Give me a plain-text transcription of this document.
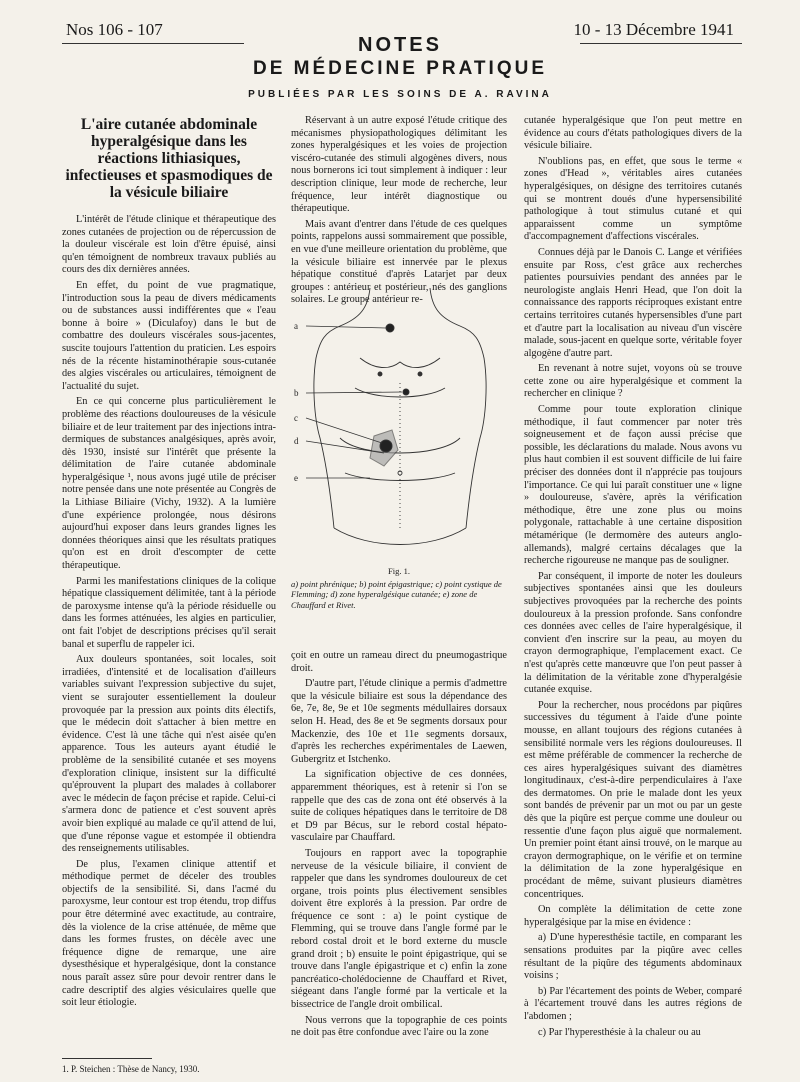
Nos 106 - 107	10 - 13 Décembre 1941
NOTES
DE MÉDECINE PRATIQUE
PUBLIÉES PAR LES SOINS DE A. RAVINA
L'aire cutanée abdominale hyperalgésique dans les réactions lithiasiques, infectieuses et spasmodiques de la vésicule biliaire

L'intérêt de l'étude clinique et thérapeutique des zones cutanées de projection ou de répercussion de la douleur viscérale est loin d'être épuisé, ainsi qu'en témoignent de nombreux travaux publiés au cours des dix dernières années.

En effet, du point de vue pragmatique, l'introduction sous la peau de divers médicaments ou de substances aussi indifférentes que « l'eau bonne à boire » (Diculafoy) dans le but de combattre des douleurs viscérales sous-jacentes, suscite toujours l'attention du praticien. Les espoirs nés de la récente histaminothérapie sous-cutanée des algies viscérales ou articulaires, témoignent de l'actualité du sujet.

En ce qui concerne plus particulièrement le problème des réactions douloureuses de la vésicule biliaire et de leur traitement par des injections intra-dermiques de substances analgésiques, après avoir, dès 1930, insisté sur l'intérêt que présente la délimitation de l'aire cutanée abdominale hyperalgésique ¹, nous avons jugé utile de préciser notre pensée dans une note présentée au Congrès de la Lithiase Biliaire (Vichy, 1932). A la lumière d'une expérience prolongée, nous désirons aujourd'hui exposer dans leurs grandes lignes les données théoriques ainsi que les résultats pratiques qu'on est en droit d'escompter de cette thérapeutique.

Parmi les manifestations cliniques de la colique hépatique classiquement délimitée, tant à la période de paroxysme intense qu'à la période résiduelle ou dans les formes atténuées, les algies en particulier, ont fait l'objet de descriptions précises qu'il serait banal et superflu de rappeler ici.

Aux douleurs spontanées, soit locales, soit irradiées, d'intensité et de localisation d'ailleurs variables suivant l'expression subjective du sujet, vient se surajouter essentiellement la douleur provoquée par la pression aux points dits électifs, que le médecin doit s'attacher à bien mettre en évidence. C'est là une tâche qui n'est aisée qu'en apparence. Tous les auteurs ayant étudié le problème de la sensibilité cutanée et ses moyens d'exploration clinique, insistent sur la difficulté qu'éprouvent la plupart des malades à collaborer avec le médecin de façon précise et rapide. Celui-ci s'armera donc de patience et c'est souvent après avoir bien expliqué au malade ce qu'il attend de lui, que d'une réponse vague et estompée il obtiendra des renseignements utilisables.

De plus, l'examen clinique attentif et méthodique permet de déceler des troubles objectifs de la sensibilité. Si, dans l'acmé du paroxysme, leur contour est trop étendu, trop diffus pour être déterminé avec exactitude, au contraire, dès la violence de la crise atténuée, de même que dans les formes frustes, on décèle avec une fréquence digne de remarque, une aire dysesthésique et hyperalgésique, dont la constance nous paraît assez sûre pour devoir rentrer dans le cadre descriptif des algies vésiculaires quelle que soit leur étiologie.

Réservant à un autre exposé l'étude critique des mécanismes physiopathologiques délimitant les zones hyperalgésiques et les voies de projection viscéro-cutanée des stimuli algogènes divers, nous nous bornerons ici tout simplement à indiquer : leur description clinique, leur mode de recherche, leur fréquence, leur intérêt diagnostique ou thérapeutique.

Mais avant d'entrer dans l'étude de ces quelques points, rappelons aussi sommairement que possible, en vue d'une meilleure orientation du problème, que la vésicule biliaire est innervée par le plexus hépatique constitué d'après Latarjet par deux groupes : antérieur et postérieur, nés des ganglions solaires. Le groupe antérieur re-

a
b
c
d
e
Fig. 1.
a) point phrénique; b) point épigastrique; c) point cystique de Flemming; d) zone hyperalgésique cutanée; e) zone de Chauffard et Rivet.

çoit en outre un rameau direct du pneumogastrique droit.

D'autre part, l'étude clinique a permis d'admettre que la vésicule biliaire est sous la dépendance des 6e, 7e, 8e, 9e et 10e segments médullaires dorsaux selon H. Head, des 8e et 9e segments dorsaux pour Mackenzie, des 10e et 11e segments dorsaux, d'après les recherches expérimentales de Laewen, Gubergritz et Istchenko.

La signification objective de ces données, apparemment théoriques, est à retenir si l'on se rappelle que des cas de zona ont été observés à la suite de coliques hépatiques dans le territoire de D8 et D9 par Bécus, sur le rebord costal hépato-vasculaire par Chauffard.

Toujours en rapport avec la topographie nerveuse de la vésicule biliaire, il convient de rappeler que dans les syndromes douloureux de cet organe, trois points plus électivement sensibles doivent être explorés à la pression. Par ordre de fréquence ce sont : a) le point cystique de Flemming, qui se trouve dans l'angle formé par le rebord costal droit et le bord externe du muscle grand droit ; b) ensuite le point épigastrique, qui se trouve dans l'angle épigastrique et c) enfin la zone pancréatico-cholédocienne de Chauffard et Rivet, siégeant dans l'angle formé par la verticale et la bissectrice de l'angle droit ombilical.

Nous verrons que la topographie de ces points ne doit pas être confondue avec l'aire ou la zone

cutanée hyperalgésique que l'on peut mettre en évidence au cours d'états pathologiques divers de la vésicule biliaire.

N'oublions pas, en effet, que sous le terme « zones d'Head », véritables aires cutanées hyperalgésiques, on désigne des territoires cutanés qui se montrent doués d'une hypersensibilité pathologique à tout stimulus cutané et qui apparaissent comme un symptôme d'accompagnement d'affections viscérales.

Connues déjà par le Danois C. Lange et vérifiées ensuite par Ross, c'est grâce aux recherches patientes poursuivies pendant des années par le neurologiste anglais Henri Head, que l'on doit la connaissance des rapports réciproques existant entre certains territoires cutanés hypersensibles d'une part et d'autre part la localisation au niveau d'un viscère malade, sous-jacent en quelque sorte, véritable foyer algogène d'autre part.

En revenant à notre sujet, voyons où se trouve cette zone ou aire hyperalgésique et comment la rechercher en clinique ?

Comme pour toute exploration clinique méthodique, il faut commencer par noter très soigneusement et de façon aussi précise que possible, les déclarations du malade. Nous avons vu plus haut combien il est souvent difficile de lui faire préciser des données dont il n'apprécie pas toujours l'importance. Ce qui lui paraît constituer une « ligne » douloureuse, s'avère, après la vérification méthodique, être une zone plus ou moins polygonale, rattachable à une certaine disposition métamérique (le dermomère des auteurs anglo-allemands), malgré certains décalages que la recherche rigoureuse ne manque pas de souligner.

Par conséquent, il importe de noter les douleurs subjectives spontanées ainsi que les douleurs subjectives provoquées par la recherche des points douloureux à la pression profonde. Sans confondre ces données avec celles de l'aire hyperalgésique, il convient d'en inscrire sur la peau, au moyen du crayon dermographique, l'emplacement exact. Ce n'est qu'après cette manœuvre que l'on peut passer à la délimitation de la véritable zone d'hyperalgésie cutanée exquise.

Pour la rechercher, nous procédons par piqûres successives du tégument à l'aide d'une pointe mousse, en allant toujours des régions cutanées à sensibilité normale vers les régions douloureuses. Il est même préférable de commencer la recherche de ces aires hyperalgésiques suivant des diamètres longitudinaux, c'est-à-dire perpendiculaires à l'axe des dermatomes. On prie le malade dont les yeux sont bandés de prévenir par un mot ou par un geste dès que la piqûre est perçue comme une douleur ou ressentie d'une façon plus aiguë que normalement. Un premier point étant ainsi trouvé, on le marque au crayon dermographique, on le vérifie et on termine la délimitation de la zone hyperalgésique en procédant de même, suivant plusieurs diamètres concentriques.

On complète la délimitation de cette zone hyperalgésique par la mise en évidence :

a) D'une hyperesthésie tactile, en comparant les sensations produites par la piqûre avec celles résultant de la piqûre des téguments abdominaux voisins ;

b) Par l'écartement des points de Weber, comparé à l'écartement trouvé dans les autres régions de l'abdomen ;

c) Par l'hyperesthésie à la chaleur ou au

1. P. Steichen : Thèse de Nancy, 1930.
